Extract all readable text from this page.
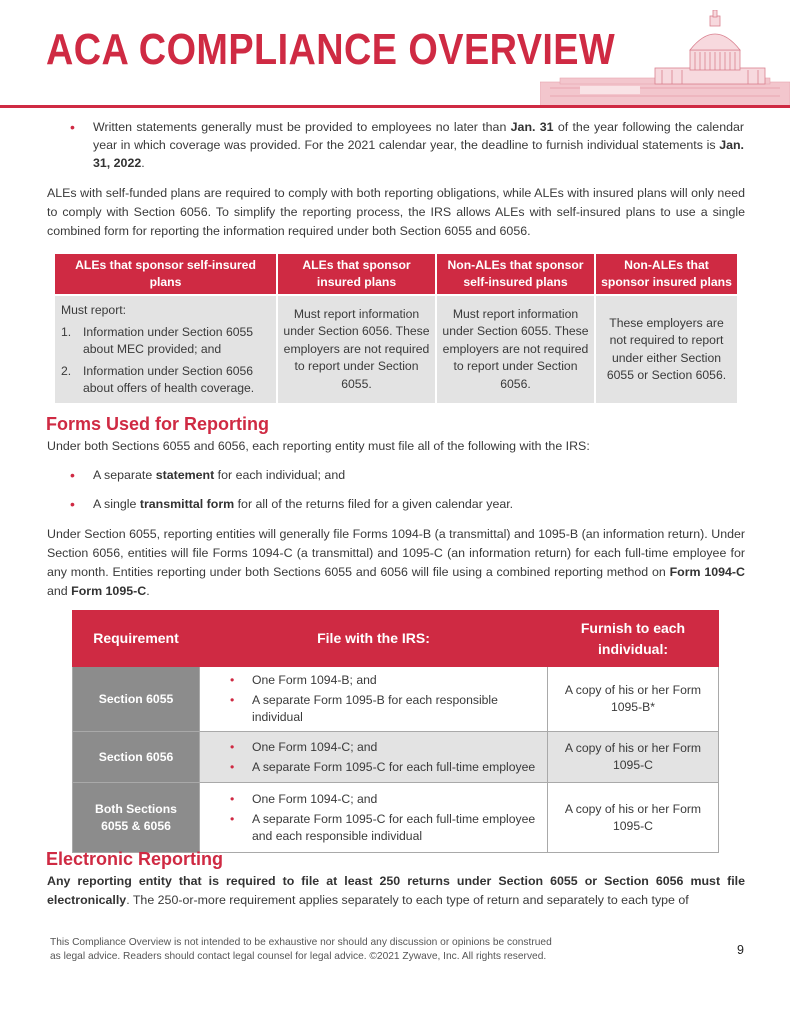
ACA COMPLIANCE OVERVIEW
• Written statements generally must be provided to employees no later than Jan. 31 of the year following the calendar year in which coverage was provided. For the 2021 calendar year, the deadline to furnish individual statements is Jan. 31, 2022.

ALEs with self-funded plans are required to comply with both reporting obligations, while ALEs with insured plans will only need to comply with Section 6056. To simplify the reporting process, the IRS allows ALEs with self-insured plans to use a single combined form for reporting the information required under both Section 6055 and 6056.

ALEs that sponsor self-insured plans	ALEs that sponsor insured plans	Non-ALEs that sponsor self-insured plans	Non-ALEs that sponsor insured plans

Must report:
1. Information under Section 6055 about MEC provided; and
2. Information under Section 6056 about offers of health coverage.	Must report information under Section 6056. These employers are not required to report under Section 6055.	Must report information under Section 6055. These employers are not required to report under Section 6056.	These employers are not required to report under either Section 6055 or Section 6056.
Forms Used for Reporting

Under both Sections 6055 and 6056, each reporting entity must file all of the following with the IRS:

• A separate statement for each individual; and
• A single transmittal form for all of the returns filed for a given calendar year.

Under Section 6055, reporting entities will generally file Forms 1094-B (a transmittal) and 1095-B (an information return). Under Section 6056, entities will file Forms 1094-C (a transmittal) and 1095-C (an information return) for each full-time employee for any month. Entities reporting under both Sections 6055 and 6056 will file using a combined reporting method on Form 1094-C and Form 1095-C.

Requirement	File with the IRS:	Furnish to each individual:
Section 6055	• One Form 1094-B; and
• A separate Form 1095-B for each responsible individual	A copy of his or her Form 1095-B*
Section 6056	• One Form 1094-C; and
• A separate Form 1095-C for each full-time employee	A copy of his or her Form 1095-C
Both Sections 6055 & 6056	• One Form 1094-C; and
• A separate Form 1095-C for each full-time employee and each responsible individual	A copy of his or her Form 1095-C
Electronic Reporting

Any reporting entity that is required to file at least 250 returns under Section 6055 or Section 6056 must file electronically. The 250-or-more requirement applies separately to each type of return and separately to each type of

This Compliance Overview is not intended to be exhaustive nor should any discussion or opinions be construed
as legal advice. Readers should contact legal counsel for legal advice. ©2021 Zywave, Inc. All rights reserved.	9
